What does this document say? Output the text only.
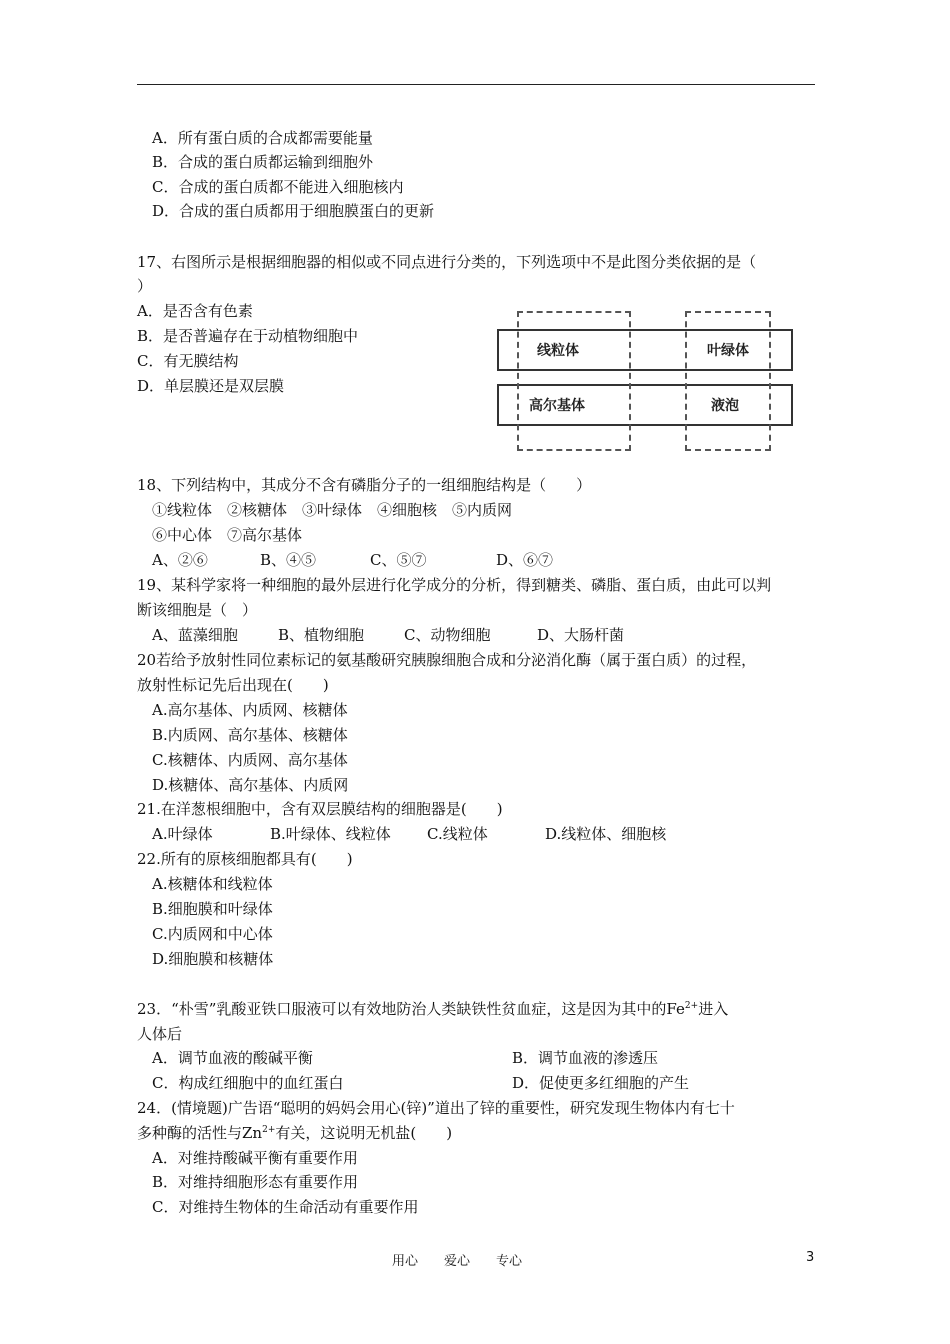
A．所有蛋白质的合成都需要能量
B．合成的蛋白质都运输到细胞外
C．合成的蛋白质都不能进入细胞核内
D．合成的蛋白质都用于细胞膜蛋白的更新
17、右图所示是根据细胞器的相似或不同点进行分类的，下列选项中不是此图分类依据的是（
）
A．是否含有色素
B．是否普遍存在于动植物细胞中
C．有无膜结构
D．单层膜还是双层膜
线粒体	叶绿体
高尔基体	液泡
18、下列结构中，其成分不含有磷脂分子的一组细胞结构是（　　）
①线粒体　②核糖体　③叶绿体　④细胞核　⑤内质网
⑥中心体　⑦高尔基体
A、②⑥	B、④⑤	C、⑤⑦	D、⑥⑦
19、某科学家将一种细胞的最外层进行化学成分的分析，得到糖类、磷脂、蛋白质，由此可以判
断该细胞是（　）
A、蓝藻细胞	B、植物细胞	C、动物细胞	D、大肠杆菌
20若给予放射性同位素标记的氨基酸研究胰腺细胞合成和分泌消化酶（属于蛋白质）的过程，
放射性标记先后出现在(　　)
A.高尔基体、内质网、核糖体
B.内质网、高尔基体、核糖体
C.核糖体、内质网、高尔基体
D.核糖体、高尔基体、内质网
21.在洋葱根细胞中，含有双层膜结构的细胞器是(　　)
A.叶绿体	B.叶绿体、线粒体 C.线粒体	D.线粒体、细胞核
22.所有的原核细胞都具有(　　)
A.核糖体和线粒体
B.细胞膜和叶绿体
C.内质网和中心体
D.细胞膜和核糖体
23．“朴雪”乳酸亚铁口服液可以有效地防治人类缺铁性贫血症，这是因为其中的$Fe^{2+}$进入
人体后
A．调节血液的酸碱平衡	B．调节血液的渗透压
C．构成红细胞中的血红蛋白	D．促使更多红细胞的产生
24．(情境题)广告语“聪明的妈妈会用心(锌)”道出了锌的重要性，研究发现生物体内有七十
多种酶的活性与$Zn^{2+}$有关，这说明无机盐(　　)
A．对维持酸碱平衡有重要作用
B．对维持细胞形态有重要作用
C．对维持生物体的生命活动有重要作用
用心　　爱心　　专心	3
